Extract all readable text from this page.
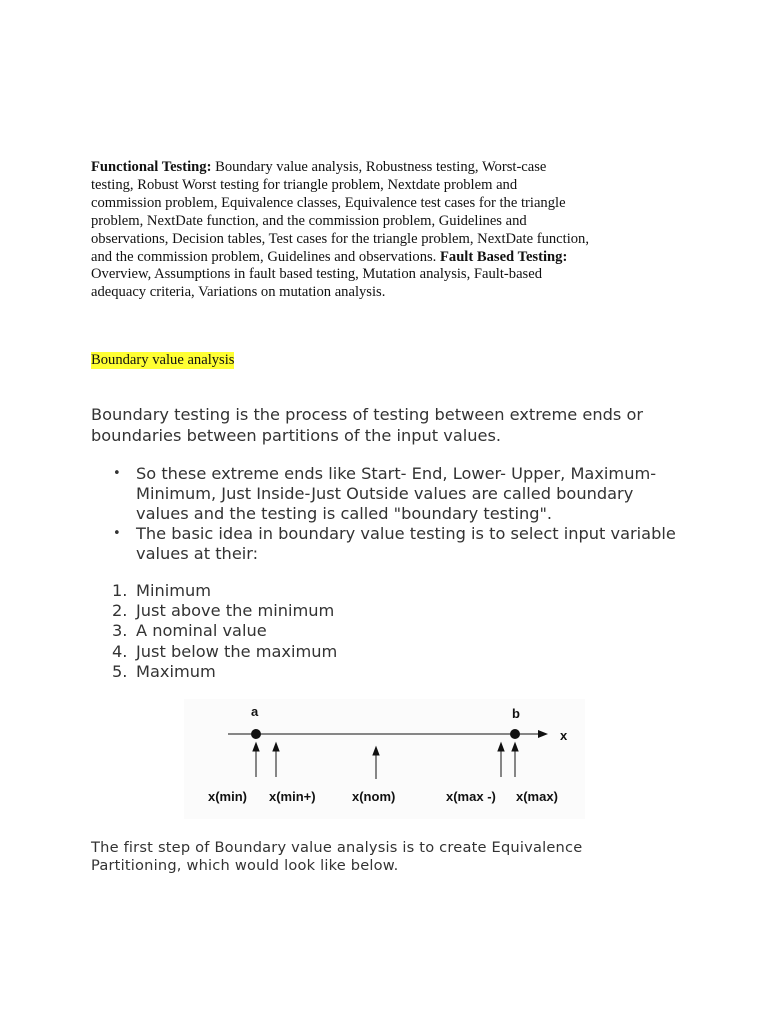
Functional Testing: Boundary value analysis, Robustness testing, Worst-case testing, Robust Worst testing for triangle problem, Nextdate problem and commission problem, Equivalence classes, Equivalence test cases for the triangle problem, NextDate function, and the commission problem, Guidelines and observations, Decision tables, Test cases for the triangle problem, NextDate function, and the commission problem, Guidelines and observations. Fault Based Testing: Overview, Assumptions in fault based testing, Mutation analysis, Fault-based adequacy criteria, Variations on mutation analysis.
Boundary value analysis
Boundary testing is the process of testing between extreme ends or boundaries between partitions of the input values.
• So these extreme ends like Start- End, Lower- Upper, Maximum-Minimum, Just Inside-Just Outside values are called boundary values and the testing is called "boundary testing".
• The basic idea in boundary value testing is to select input variable values at their:
1. Minimum
2. Just above the minimum
3. A nominal value
4. Just below the maximum
5. Maximum
a	b
x
x(min) x(min+)	x(nom)	x(max -) x(max)
The first step of Boundary value analysis is to create Equivalence Partitioning, which would look like below.
